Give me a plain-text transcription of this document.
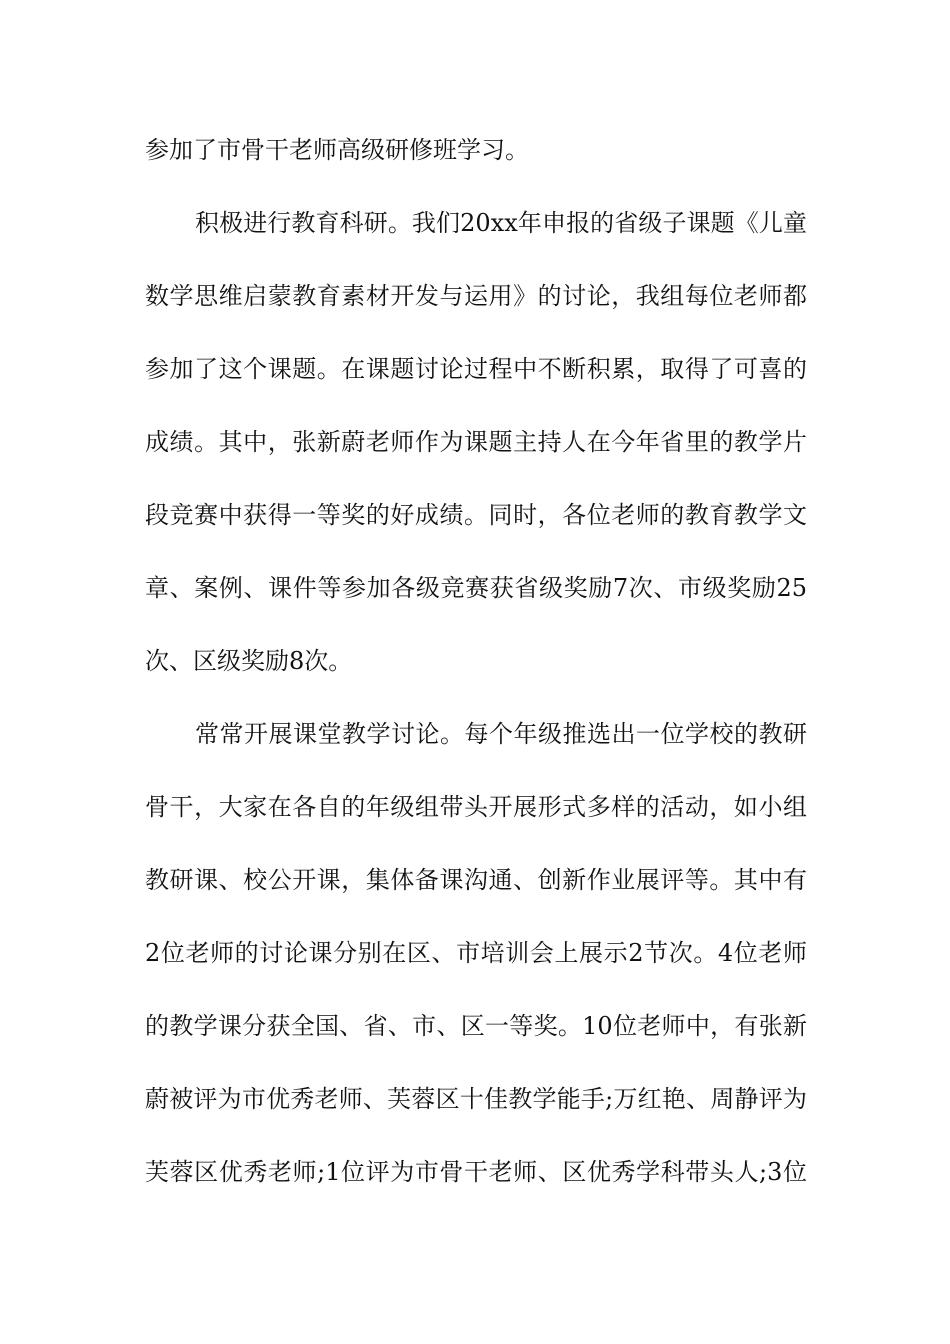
参加了市骨干老师高级研修班学习。
积极进行教育科研。我们20xx年申报的省级子课题《儿童
数学思维启蒙教育素材开发与运用》的讨论，我组每位老师都
参加了这个课题。在课题讨论过程中不断积累，取得了可喜的
成绩。其中，张新蔚老师作为课题主持人在今年省里的教学片
段竞赛中获得一等奖的好成绩。同时，各位老师的教育教学文
章、案例、课件等参加各级竞赛获省级奖励7次、市级奖励25
次、区级奖励8次。
常常开展课堂教学讨论。每个年级推选出一位学校的教研
骨干，大家在各自的年级组带头开展形式多样的活动，如小组
教研课、校公开课，集体备课沟通、创新作业展评等。其中有
2位老师的讨论课分别在区、市培训会上展示2节次。4位老师
的教学课分获全国、省、市、区一等奖。10位老师中，有张新
蔚被评为市优秀老师、芙蓉区十佳教学能手;万红艳、周静评为
芙蓉区优秀老师;1位评为市骨干老师、区优秀学科带头人;3位
